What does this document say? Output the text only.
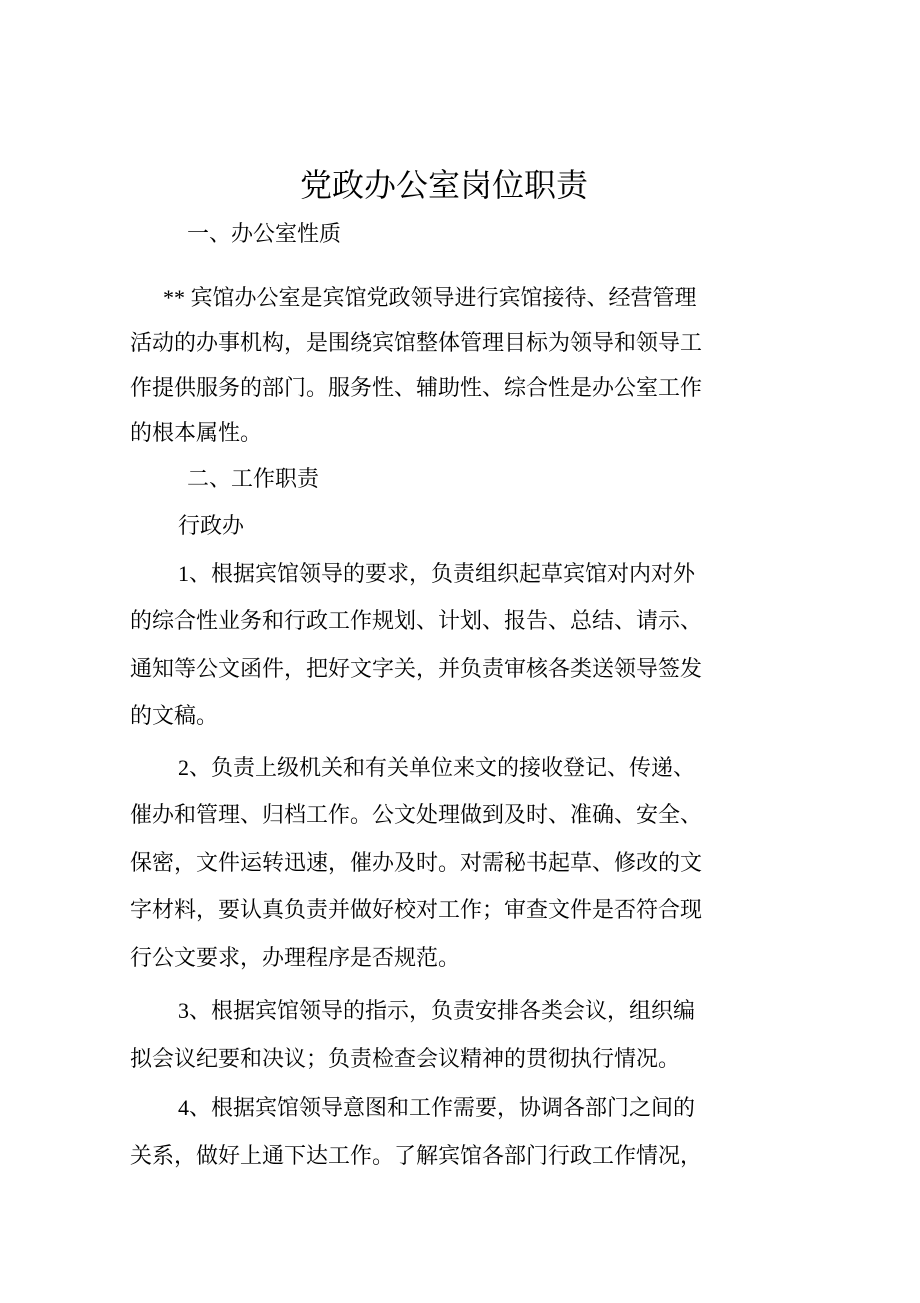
党政办公室岗位职责
一、办公室性质
** 宾馆办公室是宾馆党政领导进行宾馆接待、经营管理
活动的办事机构，是围绕宾馆整体管理目标为领导和领导工
作提供服务的部门。服务性、辅助性、综合性是办公室工作
的根本属性。
二、工作职责
行政办
1、根据宾馆领导的要求，负责组织起草宾馆对内对外
的综合性业务和行政工作规划、计划、报告、总结、请示、
通知等公文函件，把好文字关，并负责审核各类送领导签发
的文稿。
2、负责上级机关和有关单位来文的接收登记、传递、
催办和管理、归档工作。公文处理做到及时、准确、安全、
保密，文件运转迅速，催办及时。对需秘书起草、修改的文
字材料，要认真负责并做好校对工作；审查文件是否符合现
行公文要求，办理程序是否规范。
3、根据宾馆领导的指示，负责安排各类会议，组织编
拟会议纪要和决议；负责检查会议精神的贯彻执行情况。
4、根据宾馆领导意图和工作需要，协调各部门之间的
关系，做好上通下达工作。了解宾馆各部门行政工作情况，
